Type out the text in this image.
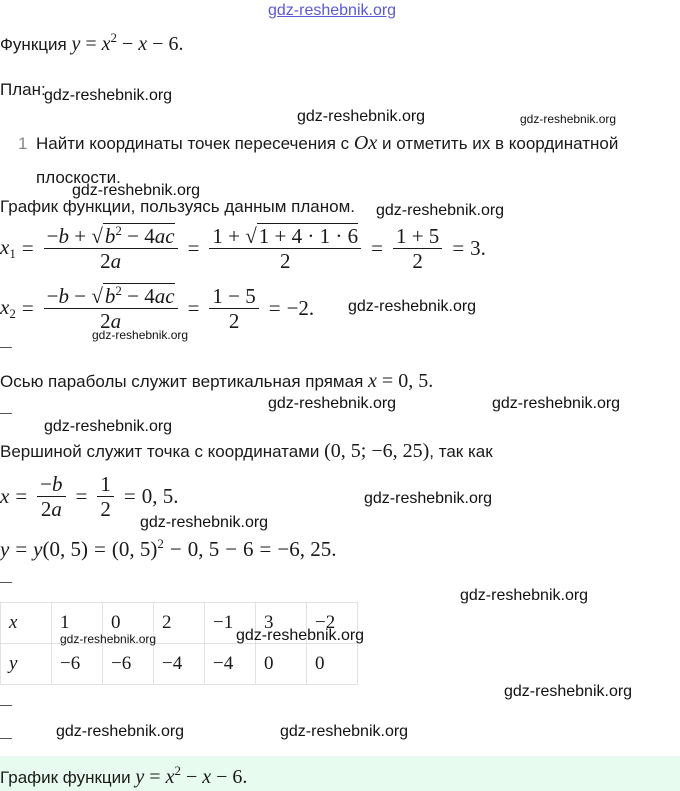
gdz-reshebnik.org
Функция $y = x^2 - x - 6$.
План:
gdz-reshebnik.org
gdz-reshebnik.org	gdz-reshebnik.org
1 Найти координаты точек пересечения с Ox и отметить их в координатной
плоскости.
gdz-reshebnik.org
График функции, пользуясь данным планом. gdz-reshebnik.org
$x_1 = \frac{-b + √b^2 - 4ac}{2a} = \frac{1 + √1 + 4 \cdot 1 \cdot 6}{2} = \frac{1 + 5}{2} = 3$.
$x_2 = \frac{-b - √b^2 - 4ac}{2a} = \frac{1 - 5}{2} = -2$. gdz-reshebnik.org
gdz-reshebnik.org
Осью параболы служит вертикальная прямая x = 0, 5.
gdz-reshebnik.org	gdz-reshebnik.org
gdz-reshebnik.org
Вершиной служит точка с координатами (0, 5; −6, 25), так как
$x = \frac{-b}{2a} = \frac{1}{2} = 0$, 5.	gdz-reshebnik.org
gdz-reshebnik.org
y = y (0, 5) = (0, 5)$^2$ − 0, 5 − 6 = −6, 25.
gdz-reshebnik.org
x	1	0	2	−1	3	−2
y	−6	−6	−4	−4	0	0
gdz-reshebnik.org	gdz-reshebnik.org
gdz-reshebnik.org
gdz-reshebnik.org	gdz-reshebnik.org
График функции $y = x^2 - x - 6$.
